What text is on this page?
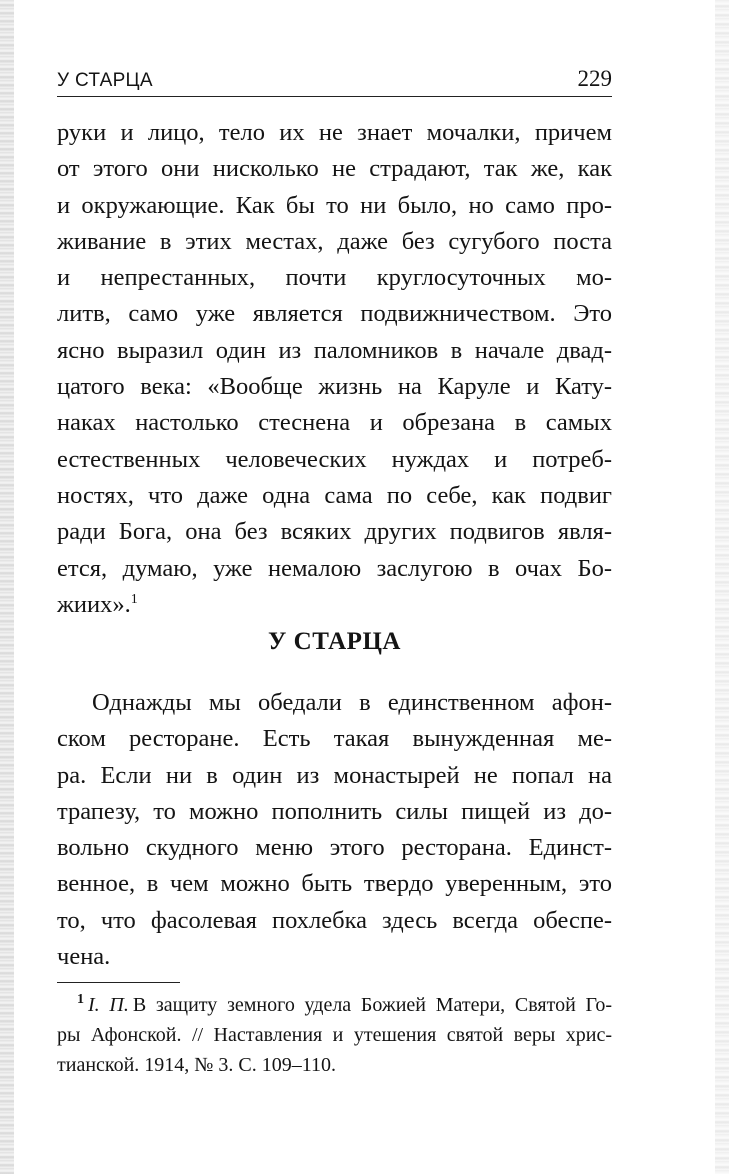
У СТАРЦА	229
руки и лицо, тело их не знает мочалки, причем
от этого они нисколько не страдают, так же, как
и окружающие. Как бы то ни было, но само про-
живание в этих местах, даже без сугубого поста
и непрестанных, почти круглосуточных мо-
литв, само уже является подвижничеством. Это
ясно выразил один из паломников в начале двад-
цатого века: «Вообще жизнь на Каруле и Кату-
наках настолько стеснена и обрезана в самых
естественных человеческих нуждах и потреб-
ностях, что даже одна сама по себе, как подвиг
ради Бога, она без всяких других подвигов явля-
ется, думаю, уже немалою заслугою в очах Бо-
жиих».$^1$
У СТАРЦА
Однажды мы обедали в единственном афон-
ском ресторане. Есть такая вынужденная ме-
ра. Если ни в один из монастырей не попал на
трапезу, то можно пополнить силы пищей из до-
вольно скудного меню этого ресторана. Единст-
венное, в чем можно быть твердо уверенным, это
то, что фасолевая похлебка здесь всегда обеспе-
чена.
$^1$ І. П. В защиту земного удела Божией Матери, Святой Го-
ры Афонской. // Наставления и утешения святой веры хрис-
тианской. 1914, № 3. С. 109–110.
